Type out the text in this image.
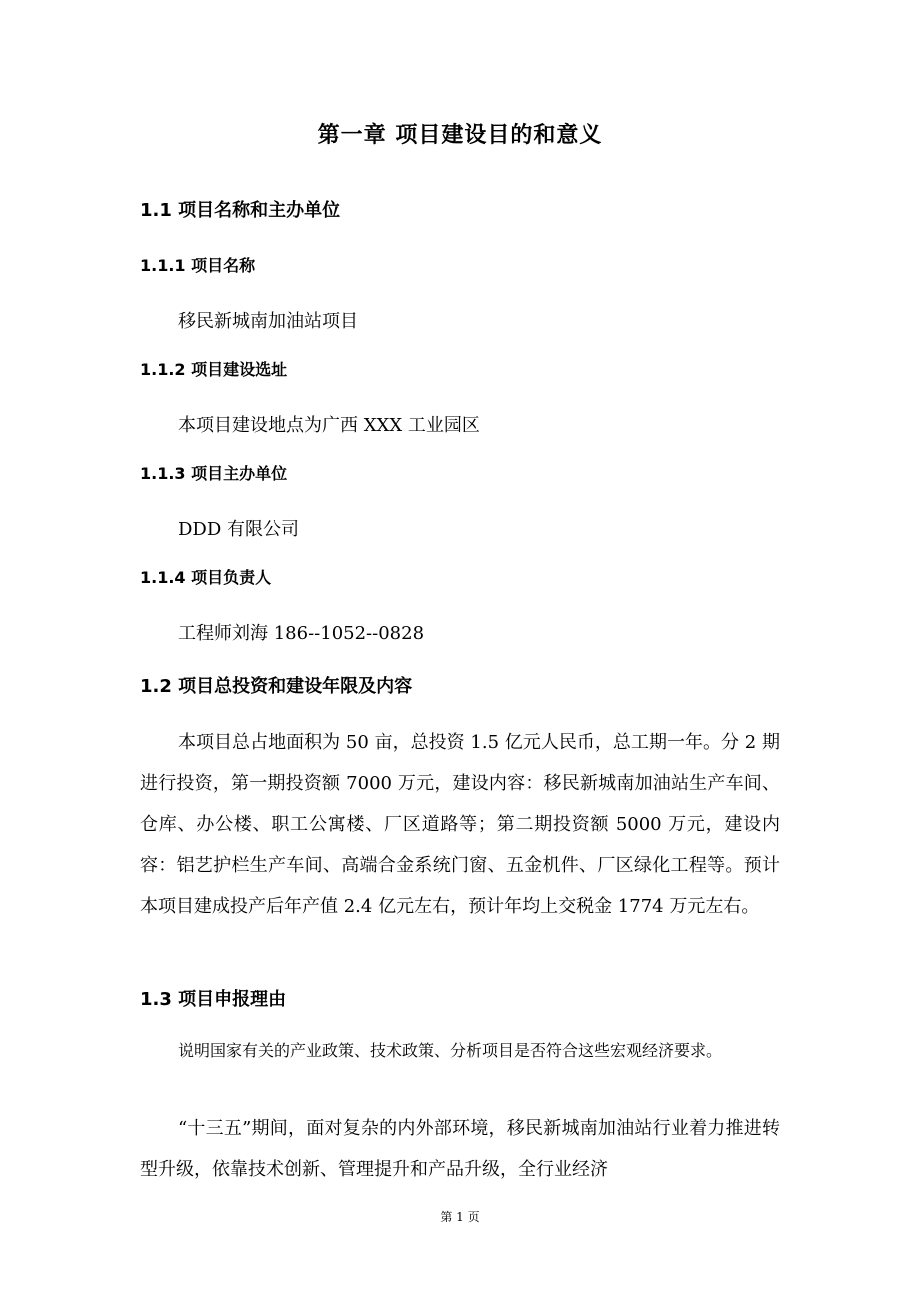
第一章 项目建设目的和意义
1.1 项目名称和主办单位
1.1.1 项目名称
移民新城南加油站项目
1.1.2 项目建设选址
本项目建设地点为广西 XXX 工业园区
1.1.3 项目主办单位
DDD 有限公司
1.1.4 项目负责人
工程师刘海 186--1052--0828
1.2 项目总投资和建设年限及内容
本项目总占地面积为 50 亩，总投资 1.5 亿元人民币，总工期一年。分 2 期进行投资，第一期投资额 7000 万元，建设内容：移民新城南加油站生产车间、仓库、办公楼、职工公寓楼、厂区道路等；第二期投资额 5000 万元，建设内容：铝艺护栏生产车间、高端合金系统门窗、五金机件、厂区绿化工程等。预计本项目建成投产后年产值 2.4 亿元左右，预计年均上交税金 1774 万元左右。
1.3 项目申报理由
说明国家有关的产业政策、技术政策、分析项目是否符合这些宏观经济要求。
“十三五”期间，面对复杂的内外部环境，移民新城南加油站行业着力推进转型升级，依靠技术创新、管理提升和产品升级，全行业经济
第 1 页
